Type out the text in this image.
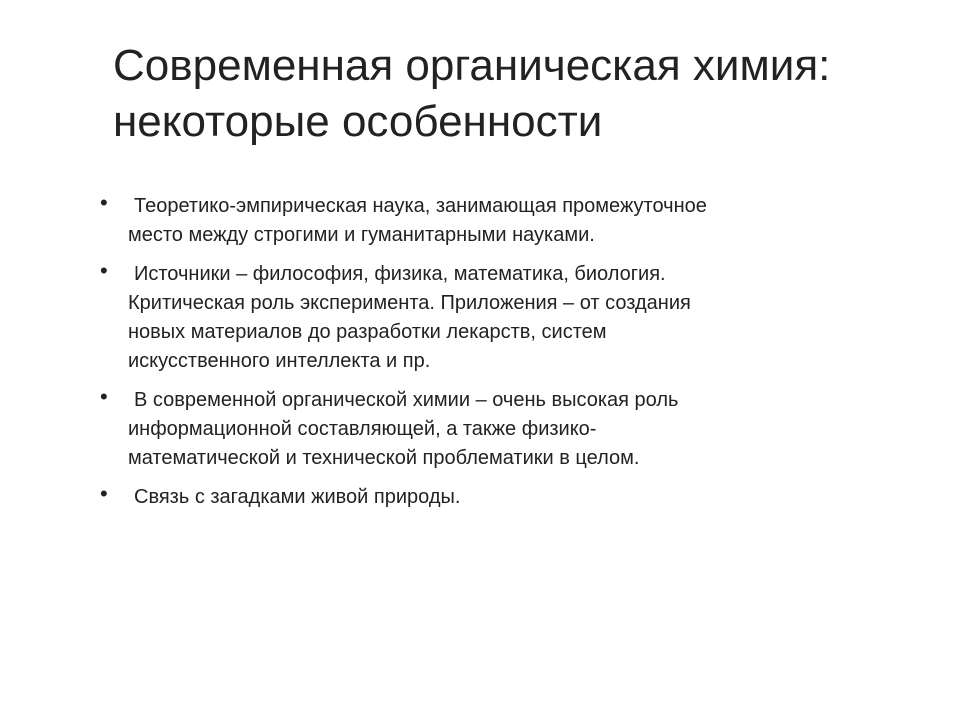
Современная органическая химия:
некоторые особенности
•	Теоретико-эмпирическая наука, занимающая промежуточное
место между строгими и гуманитарными науками.
•	Источники – философия, физика, математика, биология.
Критическая роль эксперимента. Приложения – от создания
новых материалов до разработки лекарств, систем
искусственного интеллекта и пр.
•	В современной органической химии – очень высокая роль
информационной составляющей, а также физико-
математической и технической проблематики в целом.
•	Связь с загадками живой природы.
